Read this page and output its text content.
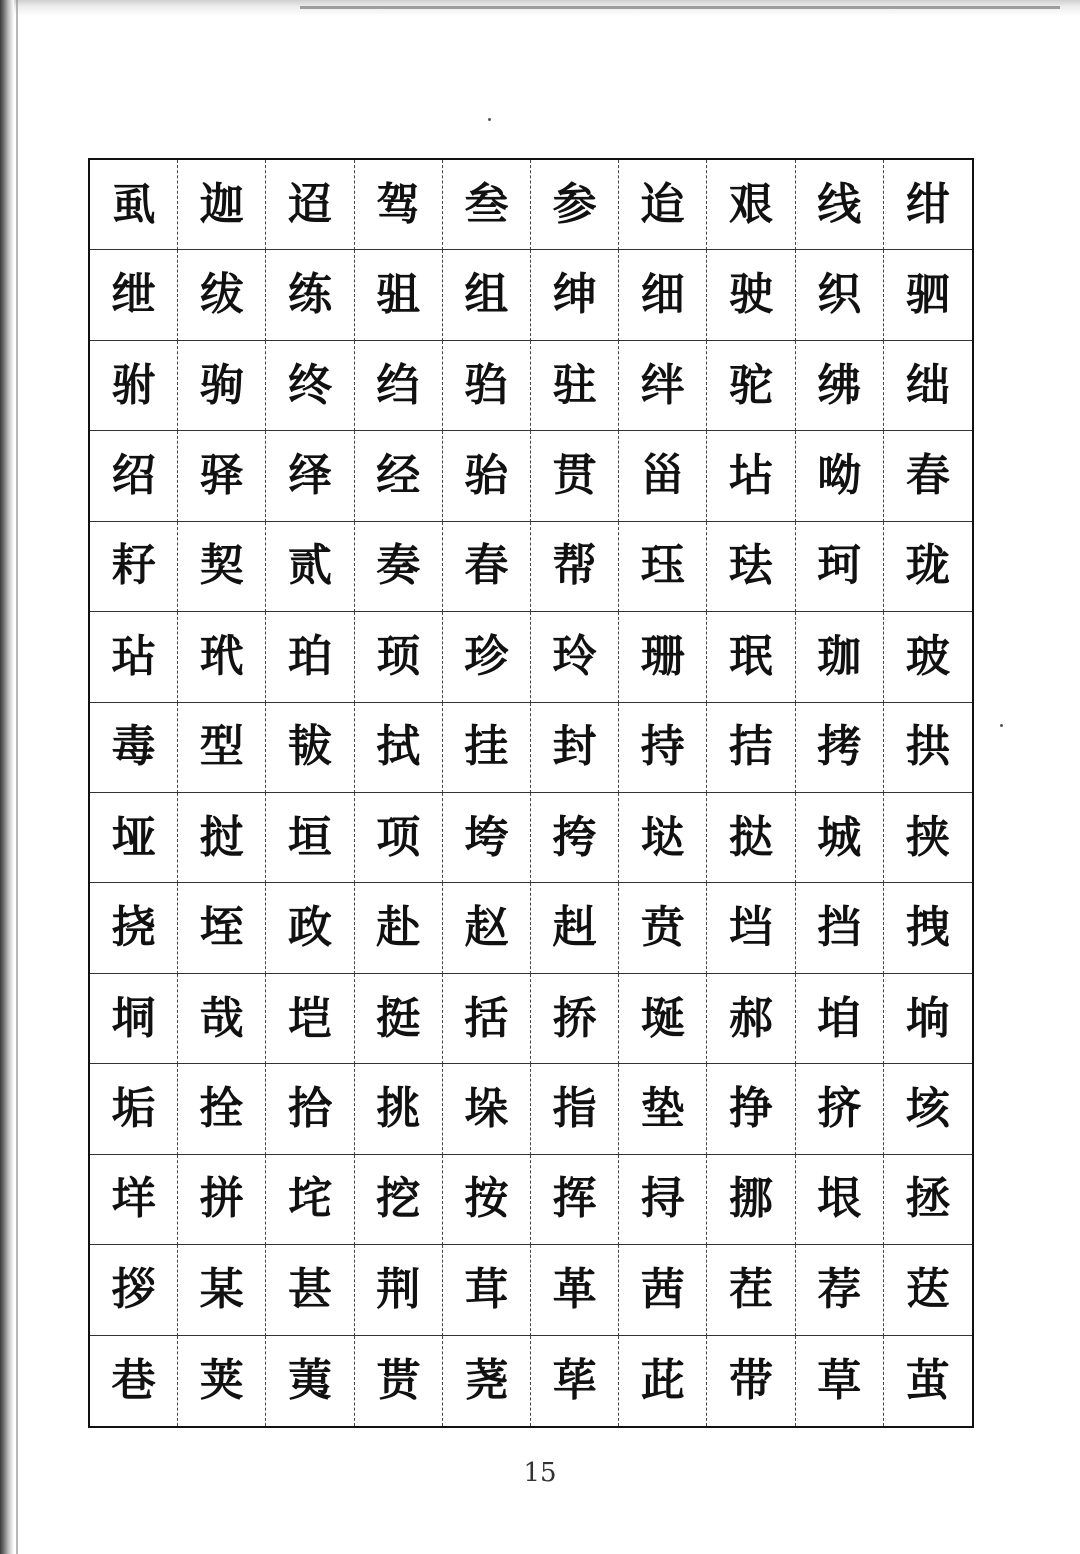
虱	迦	迢	驾	叁	参	迨	艰	线	绀
绁	绂	练	驵	组	绅	细	驶	织	驷
驸	驹	终	绉	驺	驻	绊	驼	绋	绌
绍	驿	绎	经	骀	贯	甾	坫	呦	春
耔	契	贰	奏	春	帮	珏	珐	珂	珑
玷	玳	珀	顼	珍	玲	珊	珉	珈	玻
毒	型	韨	拭	挂	封	持	拮	拷	拱
垭	挝	垣	项	垮	挎	垯	挞	城	挟
挠	垤	政	赴	赵	赳	贲	垱	挡	拽
垌	哉	垲	挺	括	挢	埏	郝	垍	垧
垢	拴	拾	挑	垛	指	垫	挣	挤	垓
垟	拼	垞	挖	按	挥	挦	挪	垠	拯
拶	某	甚	荆	茸	革	茜	茬	荐	荙
巷	荚	荑	贳	荛	荜	茈	带	草	茧
15
